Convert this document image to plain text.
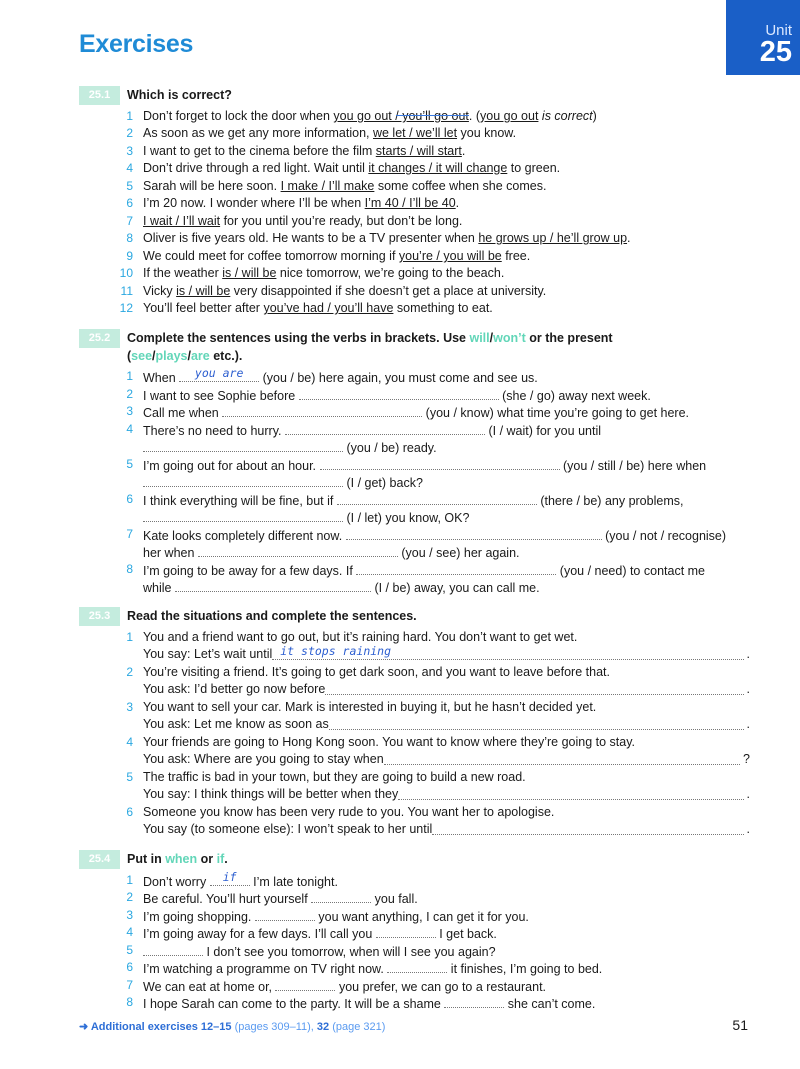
Exercises	Unit
25
25.1	Which is correct?
1 Don’t forget to lock the door when you go out / you’ll go out
. (you go out is correct)
2 As soon as we get any more information, we let / we’ll let you know.
3 I want to get to the cinema before the film starts / will start.
4 Don’t drive through a red light. Wait until it changes / it will change to green.
5 Sarah will be here soon. I make / I’ll make some coffee when she comes.
6 I’m 20 now. I wonder where I’ll be when I’m 40 / I’ll be 40.
7 I wait / I’ll wait for you until you’re ready, but don’t be long.
8 Oliver is five years old. He wants to be a TV presenter when he grows up / he’ll grow up.
9 We could meet for coffee tomorrow morning if you’re / you will be free.
10 If the weather is / will be nice tomorrow, we’re going to the beach.
11 Vicky is / will be very disappointed if she doesn’t get a place at university.
12 You’ll feel better after you’ve had / you’ll have something to eat.
25.2	Complete the sentences using the verbs in brackets. Use will/won’t or the present
(see/plays/are etc.).
1 When	you are	(you / be) here again, you must come and see us.
2 I want to see Sophie before	(she / go) away next week.
3 Call me when	(you / know) what time you’re going to get here.
4 There’s no need to hurry.	(I / wait) for you until
(you / be) ready.
5 I’m going out for about an hour.	(you / still / be) here when
(I / get) back?
6 I think everything will be fine, but if	(there / be) any problems,
(I / let) you know, OK?
7 Kate looks completely different now.	(you / not / recognise)
her when	(you / see) her again.
8 I’m going to be away for a few days. If	(you / need) to contact me
while	(I / be) away, you can call me.
25.3	Read the situations and complete the sentences.
1 You and a friend want to go out, but it’s raining hard. You don’t want to get wet.
You say: Let’s wait until it stops raining	.
2 You’re visiting a friend. It’s going to get dark soon, and you want to leave before that.
You ask: I’d better go now before	.
3 You want to sell your car. Mark is interested in buying it, but he hasn’t decided yet.
You ask: Let me know as soon as	.
4 Your friends are going to Hong Kong soon. You want to know where they’re going to stay.
You ask: Where are you going to stay when	?
5 The traffic is bad in your town, but they are going to build a new road.
You say: I think things will be better when they	.
6 Someone you know has been very rude to you. You want her to apologise.
You say (to someone else): I won’t speak to her until	.
25.4	Put in when or if.
1 Don’t worry	if	I’m late tonight.
2 Be careful. You’ll hurt yourself	you fall.
3 I’m going shopping.	you want anything, I can get it for you.
4 I’m going away for a few days. I’ll call you	I get back.
5	I don’t see you tomorrow, when will I see you again?
6 I’m watching a programme on TV right now.	it finishes, I’m going to bed.
7 We can eat at home or,	you prefer, we can go to a restaurant.
8 I hope Sarah can come to the party. It will be a shame	she can’t come.
➜ Additional exercises 12–15 (pages 309–11), 32 (page 321)	51
